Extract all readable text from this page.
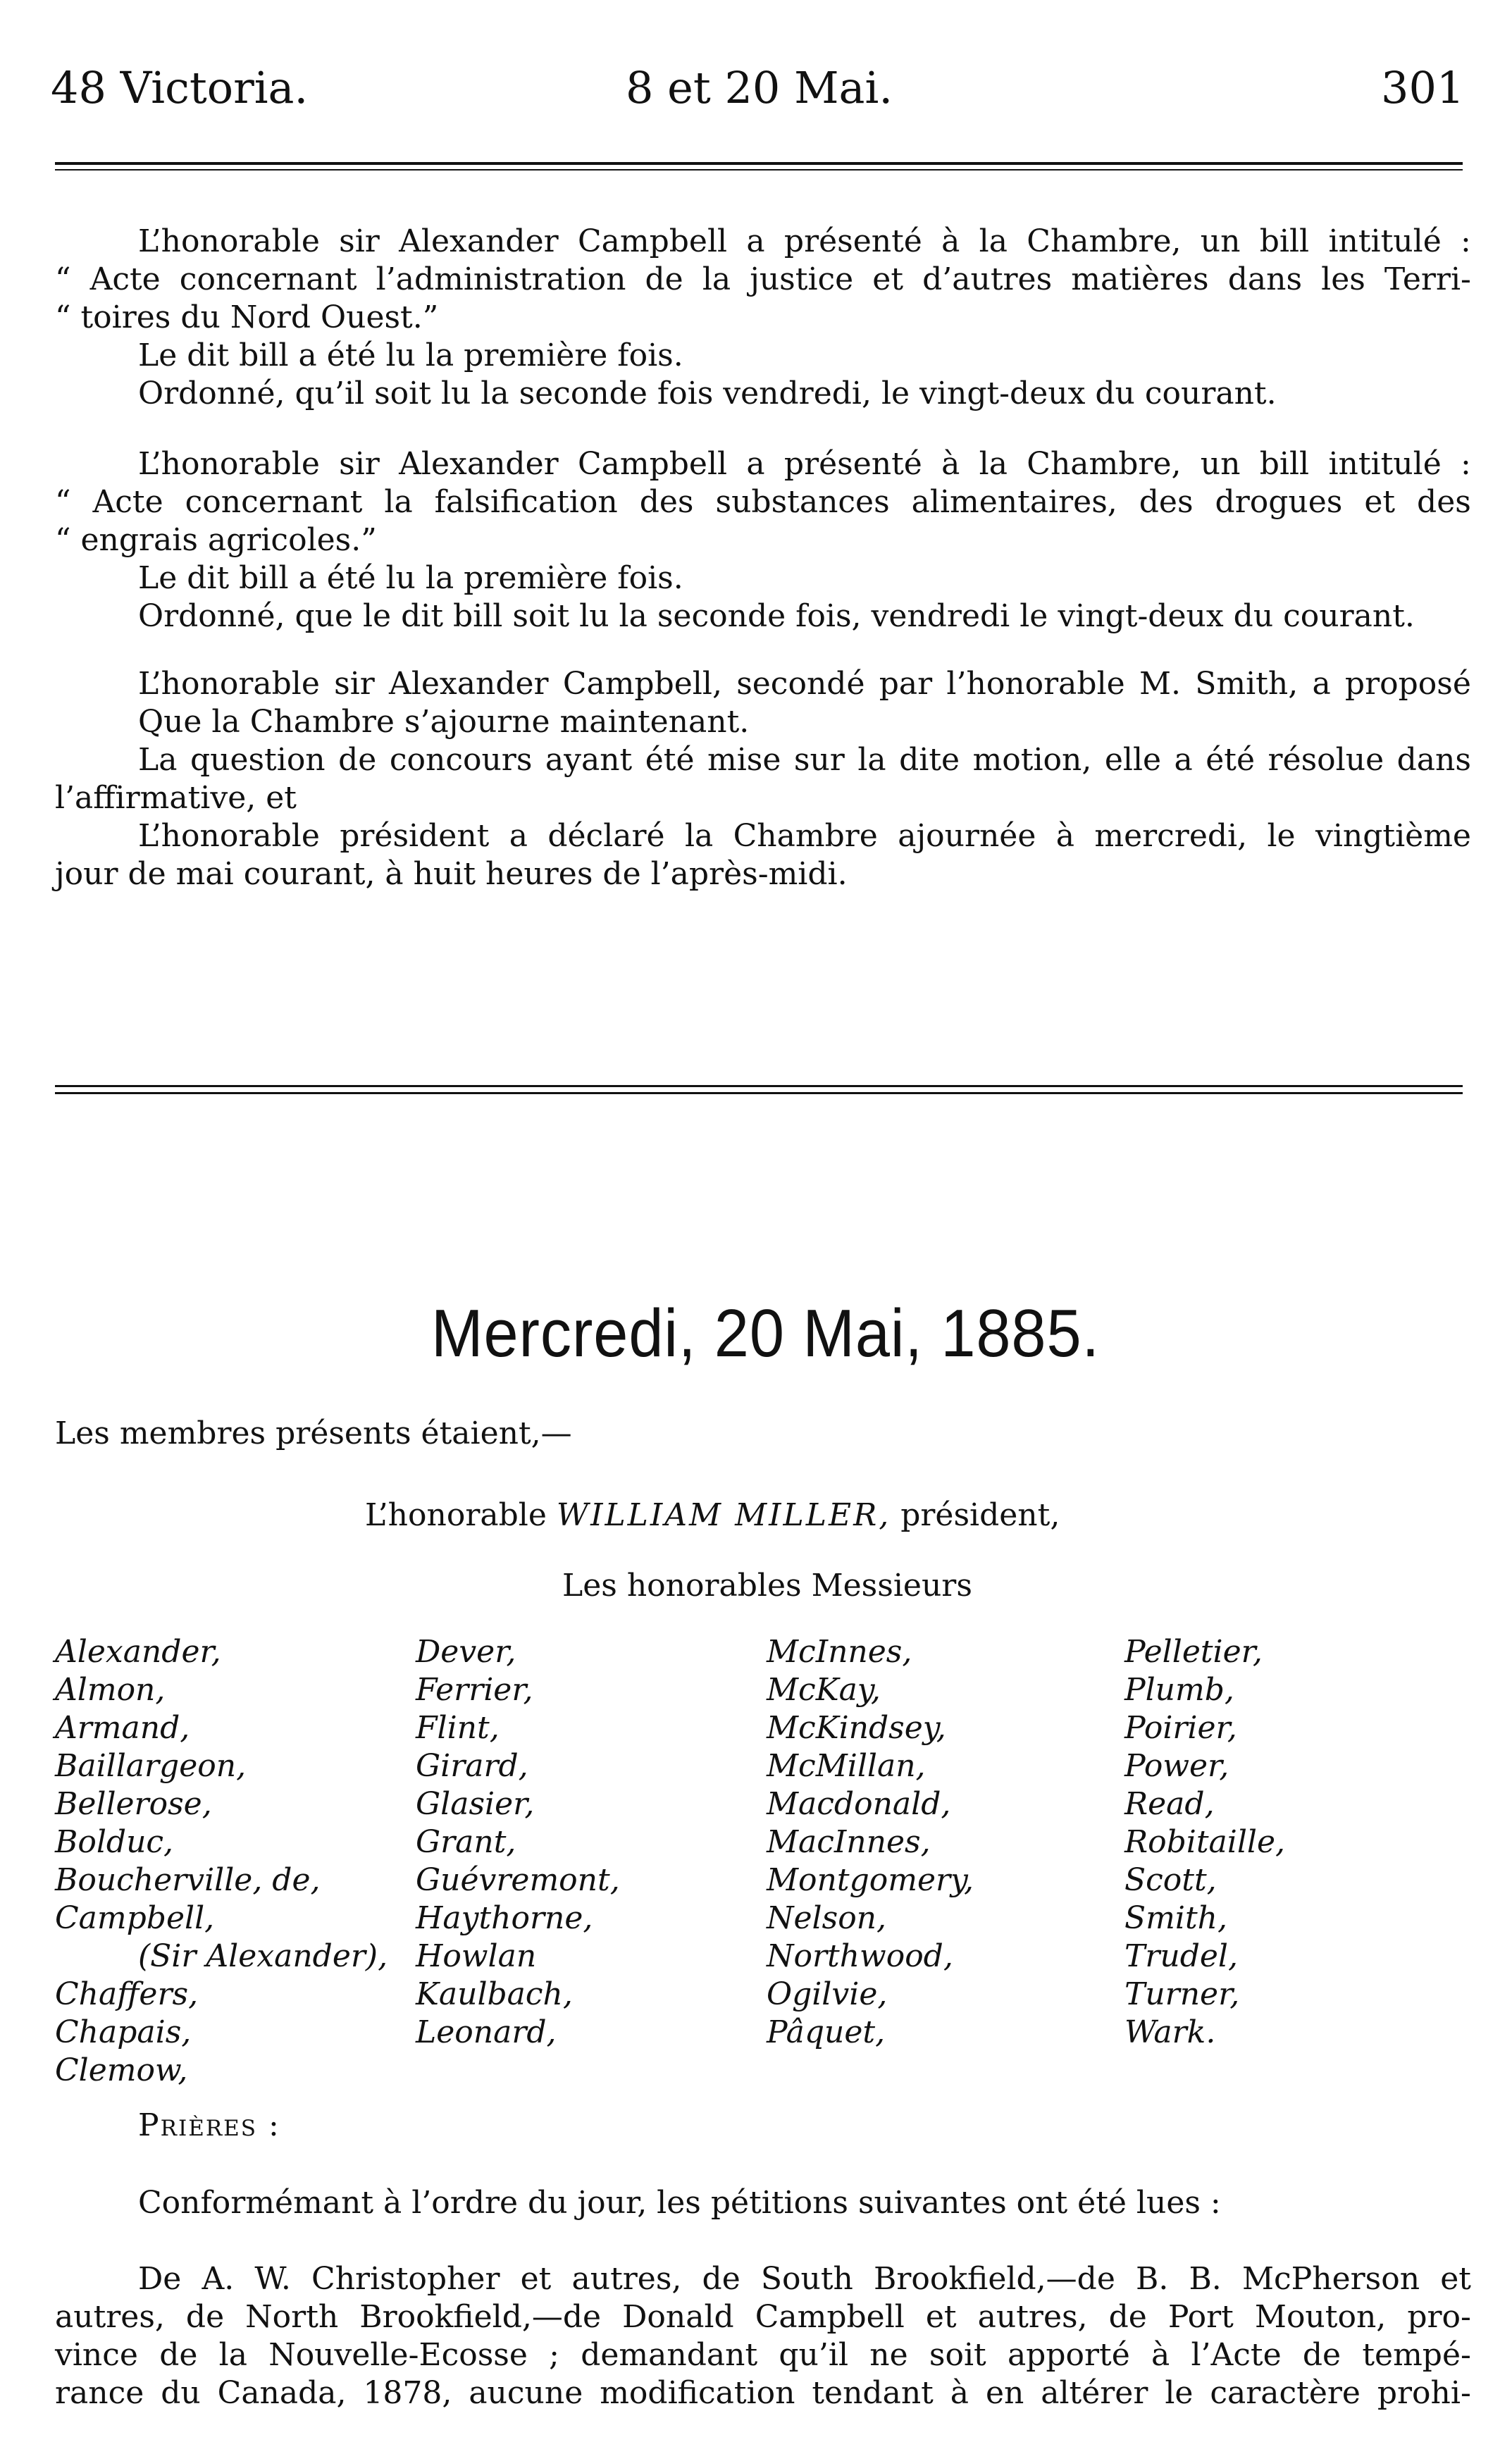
48 Victoria.	8 et 20 Mai.	301
L’honorable sir Alexander Campbell a présenté à la Chambre, un bill intitulé :
“ Acte concernant l’administration de la justice et d’autres matières dans les Terri-
“ toires du Nord Ouest.”
Le dit bill a été lu la première fois.
Ordonné, qu’il soit lu la seconde fois vendredi, le vingt-deux du courant.
L’honorable sir Alexander Campbell a présenté à la Chambre, un bill intitulé :
“ Acte concernant la falsification des substances alimentaires, des drogues et des
“ engrais agricoles.”
Le dit bill a été lu la première fois.
Ordonné, que le dit bill soit lu la seconde fois, vendredi le vingt-deux du courant.
L’honorable sir Alexander Campbell, secondé par l’honorable M. Smith, a proposé
Que la Chambre s’ajourne maintenant.
La question de concours ayant été mise sur la dite motion, elle a été résolue dans
l’affirmative, et
L’honorable président a déclaré la Chambre ajournée à mercredi, le vingtième
jour de mai courant, à huit heures de l’après-midi.
Mercredi, 20 Mai, 1885.
Les membres présents étaient,—
L’honorable WILLIAM MILLER, président,
Les honorables Messieurs
Alexander,
Almon,
Armand,
Baillargeon,
Bellerose,
Bolduc,
Boucherville, de,
Campbell,
(Sir Alexander),
Chaffers,
Chapais,
Clemow,
Dever,
Ferrier,
Flint,
Girard,
Glasier,
Grant,
Guévremont,
Haythorne,
Howlan
Kaulbach,
Leonard,
McInnes,
McKay,
McKindsey,
McMillan,
Macdonald,
MacInnes,
Montgomery,
Nelson,
Northwood,
Ogilvie,
Pâquet,
Pelletier,
Plumb,
Poirier,
Power,
Read,
Robitaille,
Scott,
Smith,
Trudel,
Turner,
Wark.
Prières :
Conformémant à l’ordre du jour, les pétitions suivantes ont été lues :
De A. W. Christopher et autres, de South Brookfield,—de B. B. McPherson et
autres, de North Brookfield,—de Donald Campbell et autres, de Port Mouton, pro-
vince de la Nouvelle-Ecosse ; demandant qu’il ne soit apporté à l’Acte de tempé-
rance du Canada, 1878, aucune modification tendant à en altérer le caractère prohi-
